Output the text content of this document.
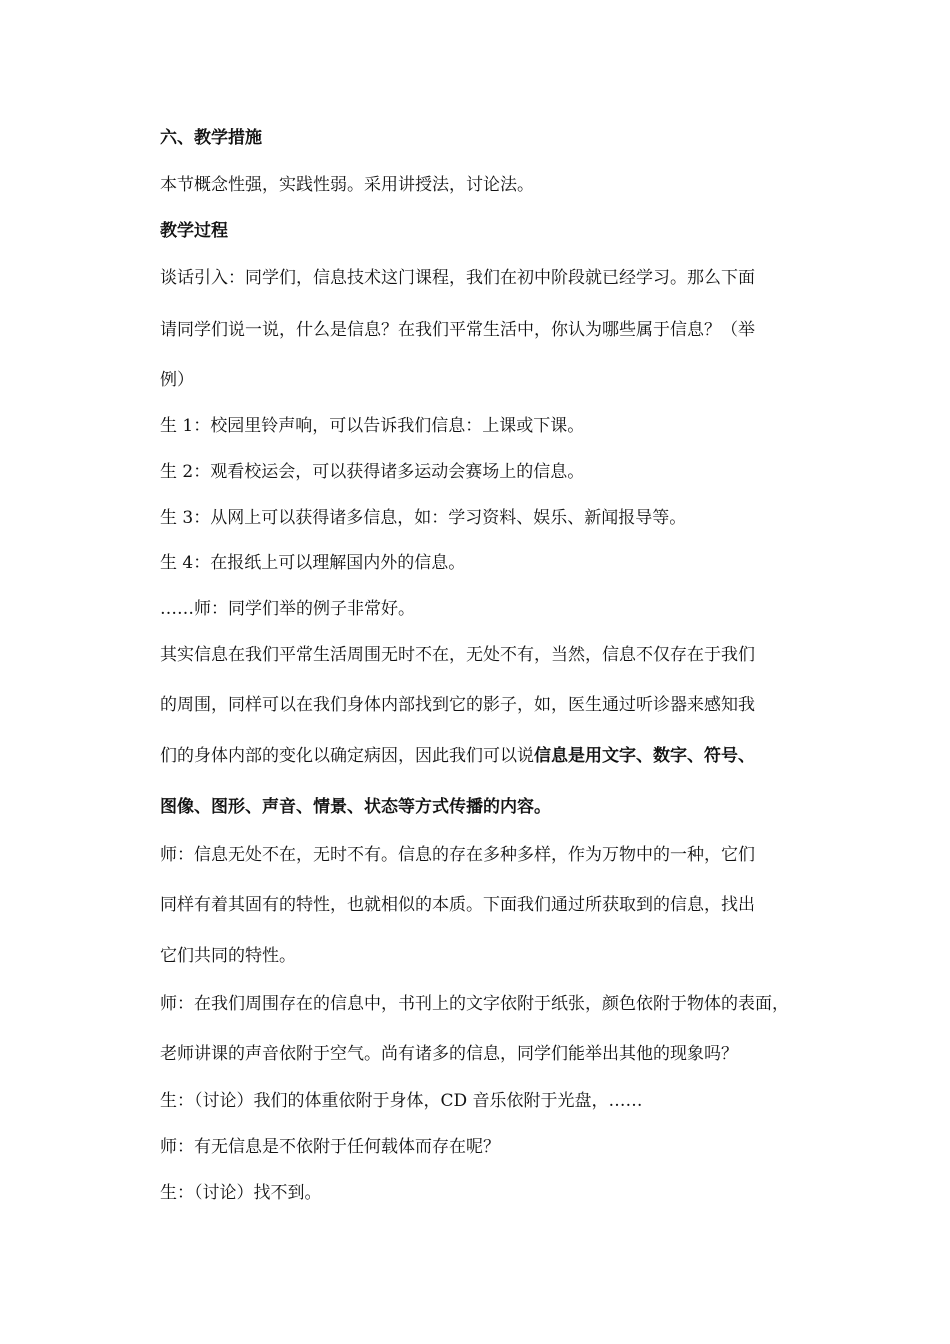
六、教学措施

本节概念性强，实践性弱。采用讲授法，讨论法。

教学过程

谈话引入：同学们，信息技术这门课程，我们在初中阶段就已经学习。那么下面

请同学们说一说，什么是信息？在我们平常生活中，你认为哪些属于信息？（举

例）

生 1：校园里铃声响，可以告诉我们信息：上课或下课。

生 2：观看校运会，可以获得诸多运动会赛场上的信息。

生 3：从网上可以获得诸多信息，如：学习资料、娱乐、新闻报导等。

生 4：在报纸上可以理解国内外的信息。

……师：同学们举的例子非常好。

其实信息在我们平常生活周围无时不在，无处不有，当然，信息不仅存在于我们

的周围，同样可以在我们身体内部找到它的影子，如，医生通过听诊器来感知我

们的身体内部的变化以确定病因，因此我们可以说信息是用文字、数字、符号、

图像、图形、声音、情景、状态等方式传播的内容。

师：信息无处不在，无时不有。信息的存在多种多样，作为万物中的一种，它们

同样有着其固有的特性，也就相似的本质。下面我们通过所获取到的信息，找出

它们共同的特性。

师：在我们周围存在的信息中，书刊上的文字依附于纸张，颜色依附于物体的表面，

老师讲课的声音依附于空气。尚有诸多的信息，同学们能举出其他的现象吗？

生：（讨论）我们的体重依附于身体，CD 音乐依附于光盘，……

师：有无信息是不依附于任何载体而存在呢？

生：（讨论）找不到。
